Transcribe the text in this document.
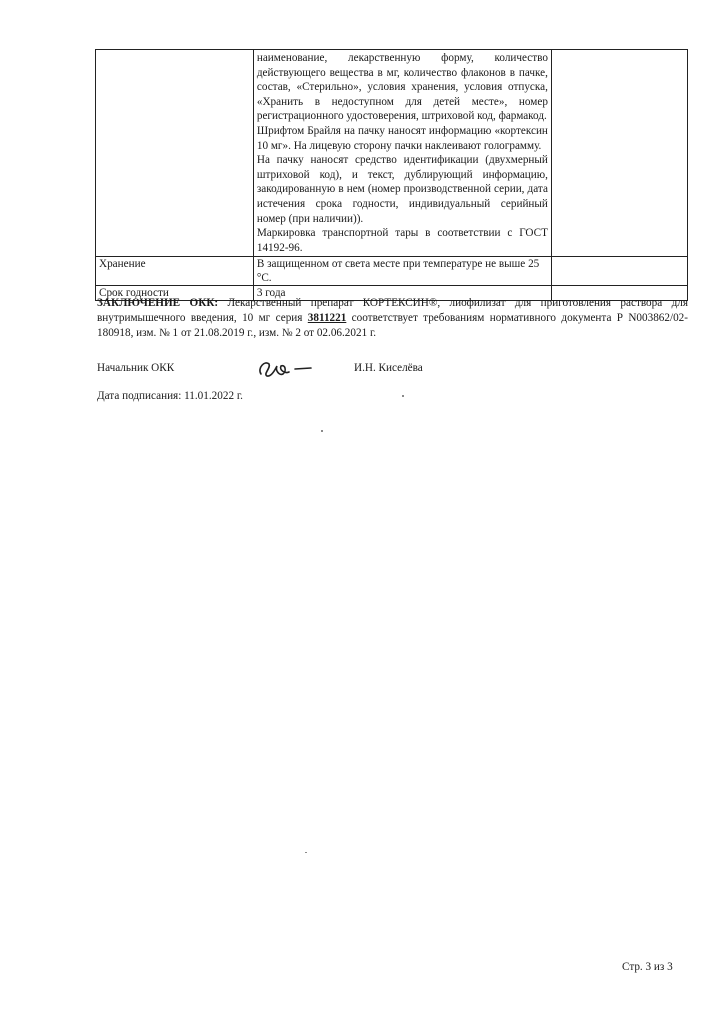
	наименование, лекарственную форму, количество действующего вещества в мг, количество флаконов в пачке, состав, «Стерильно», условия хранения, условия отпуска, «Хранить в недоступном для детей месте», номер регистрационного удостоверения, штриховой код, фармакод.

Шрифтом Брайля на пачку наносят информацию «кортексин 10 мг». На лицевую сторону пачки наклеивают голограмму.

На пачку наносят средство идентификации (двухмерный штриховой код), и текст, дублирующий информацию, закодированную в нем (номер производственной серии, дата истечения срока годности, индивидуальный серийный номер (при наличии)).

Маркировка транспортной тары в соответствии с ГОСТ 14192-96.	

Хранение	В защищенном от света месте при температуре не выше 25 °С.	
Срок годности	3 года	

ЗАКЛЮЧЕНИЕ ОКК: Лекарственный препарат КОРТЕКСИН®, лиофилизат для приготовления раствора для внутримышечного введения, 10 мг серия 3811221 соответствует требованиям нормативного документа Р N003862/02-180918, изм. № 1 от 21.08.2019 г., изм. № 2 от 02.06.2021 г.

Начальник ОКК	И.Н. Киселёва
Дата подписания: 11.01.2022 г.
Стр. 3 из 3
